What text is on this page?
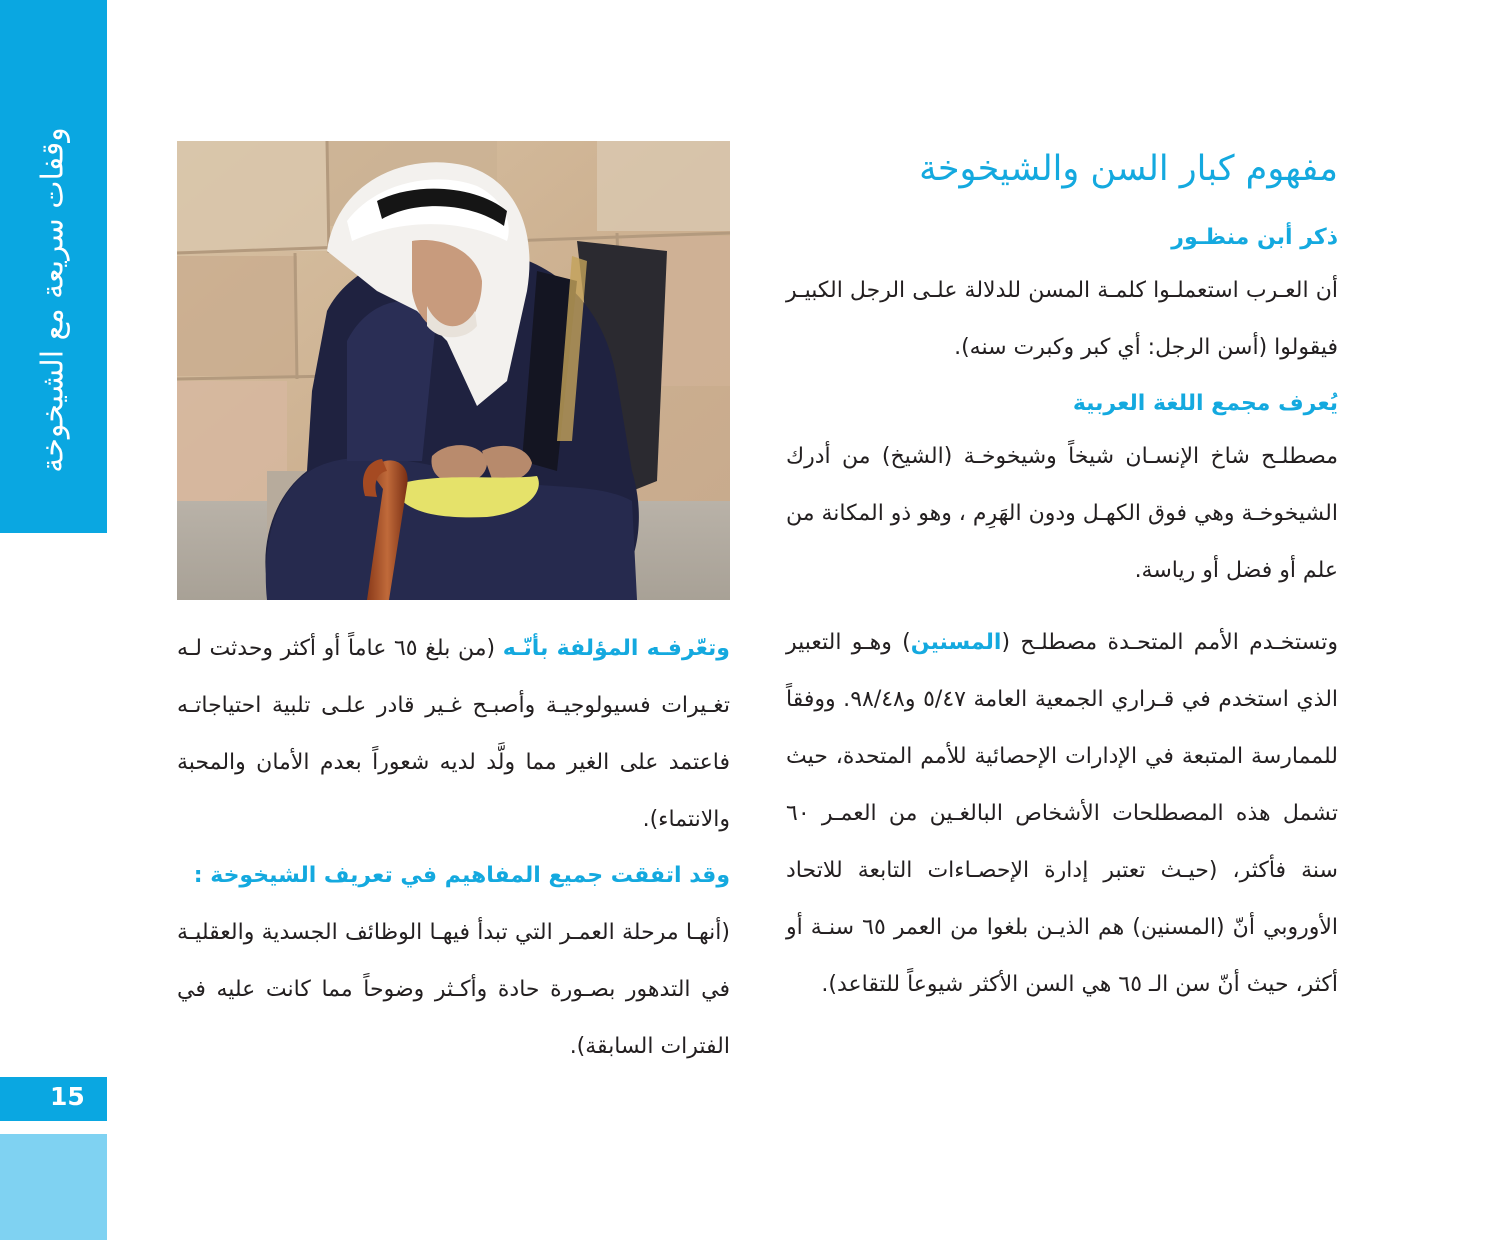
وقفات سريعة مع الشيخوخة
15
مفهوم كبار السن والشيخوخة
ذكر أبن منظـور

أن العـرب استعملـوا كلمـة المسن للدلالة علـى الرجل الكبيـر فيقولوا (أسن الرجل: أي كبر وكبرت سنه).

يُعرف مجمع اللغة العربية

مصطلـح شاخ الإنسـان شيخاً وشيخوخـة (الشيخ) من أدرك الشيخوخـة وهي فوق الكهـل ودون الهَرِم ، وهو ذو المكانة من علم أو فضل أو رياسة.

وتستخـدم الأمم المتحـدة مصطلـح (المسنين) وهـو التعبير الذي استخدم في قـراري الجمعية العامة ٥/٤٧ و٩٨/٤٨. ووفقاً للممارسة المتبعة في الإدارات الإحصائية للأمم المتحدة، حيث تشمل هذه المصطلحات الأشخاص البالغـين من العمـر ٦٠ سنة فأكثر، (حيـث تعتبر إدارة الإحصـاءات التابعة للاتحاد الأوروبي أنّ (المسنين) هم الذيـن بلغوا من العمر ٦٥ سنـة أو أكثر، حيث أنّ سن الـ ٦٥ هي السن الأكثر شيوعاً للتقاعد).

وتعّرفـه المؤلفة بأنّـه (من بلغ ٦٥ عاماً أو أكثر وحدثت لـه تغـيرات فسيولوجيـة وأصبـح غـير قادر علـى تلبية احتياجاتـه فاعتمد على الغير مما ولَّد لديه شعوراً بعدم الأمان والمحبة والانتماء).

وقد اتفقت جميع المفاهيم في تعريف الشيخوخة :

(أنهـا مرحلة العمـر التي تبدأ فيهـا الوظائف الجسدية والعقليـة في التدهور بصـورة حادة وأكـثر وضوحاً مما كانت عليه في الفترات السابقة).
